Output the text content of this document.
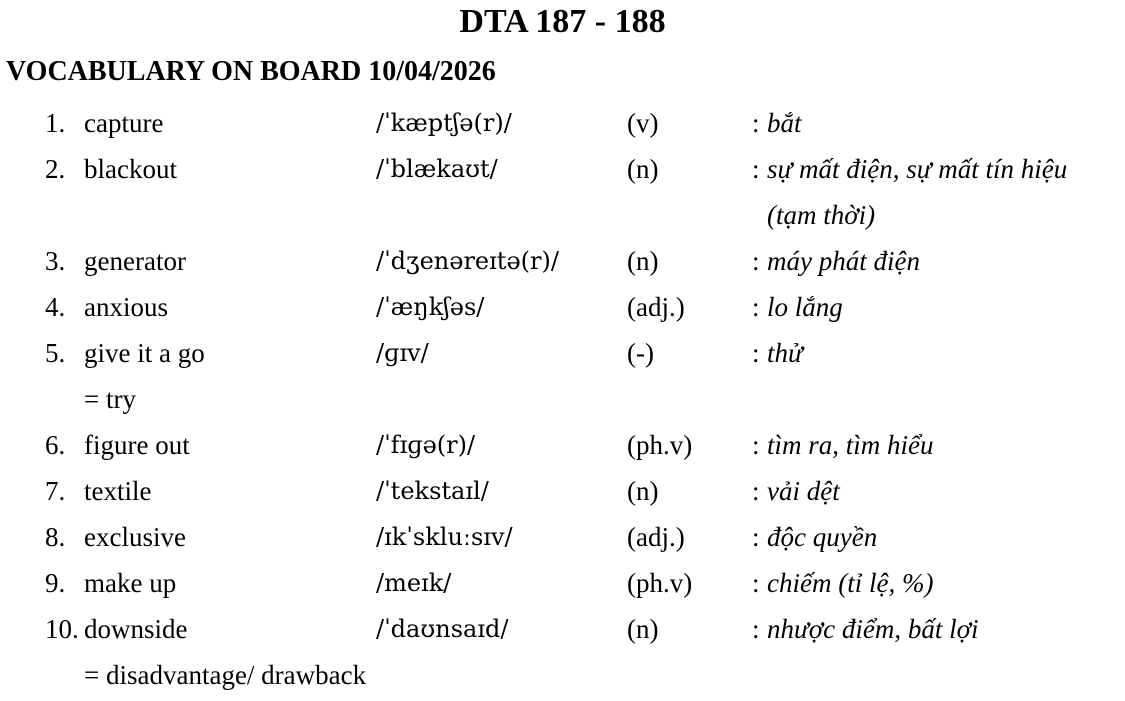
DTA 187 - 188
VOCABULARY ON BOARD 10/04/2026
1. capture	/ˈkæptʃə(r)/	(v)	: bắt
2. blackout	/ˈblækaʊt/	(n)	: sự mất điện, sự mất tín hiệu
(tạm thời)
3. generator	/ˈdʒenəreɪtə(r)/	(n)	: máy phát điện
4. anxious	/ˈæŋkʃəs/	(adj.) : lo lắng
5. give it a go	/ɡɪv/	(-)	: thử
= try
6. figure out	/ˈfɪɡə(r)/	(ph.v) : tìm ra, tìm hiểu
7. textile	/ˈtekstaɪl/	(n)	: vải dệt
8. exclusive	/ɪkˈskluːsɪv/	(adj.) : độc quyền
9. make up	/meɪk/	(ph.v) : chiếm (tỉ lệ, %)
10. downside	/ˈdaʊnsaɪd/	(n)	: nhược điểm, bất lợi
= disadvantage/ drawback
